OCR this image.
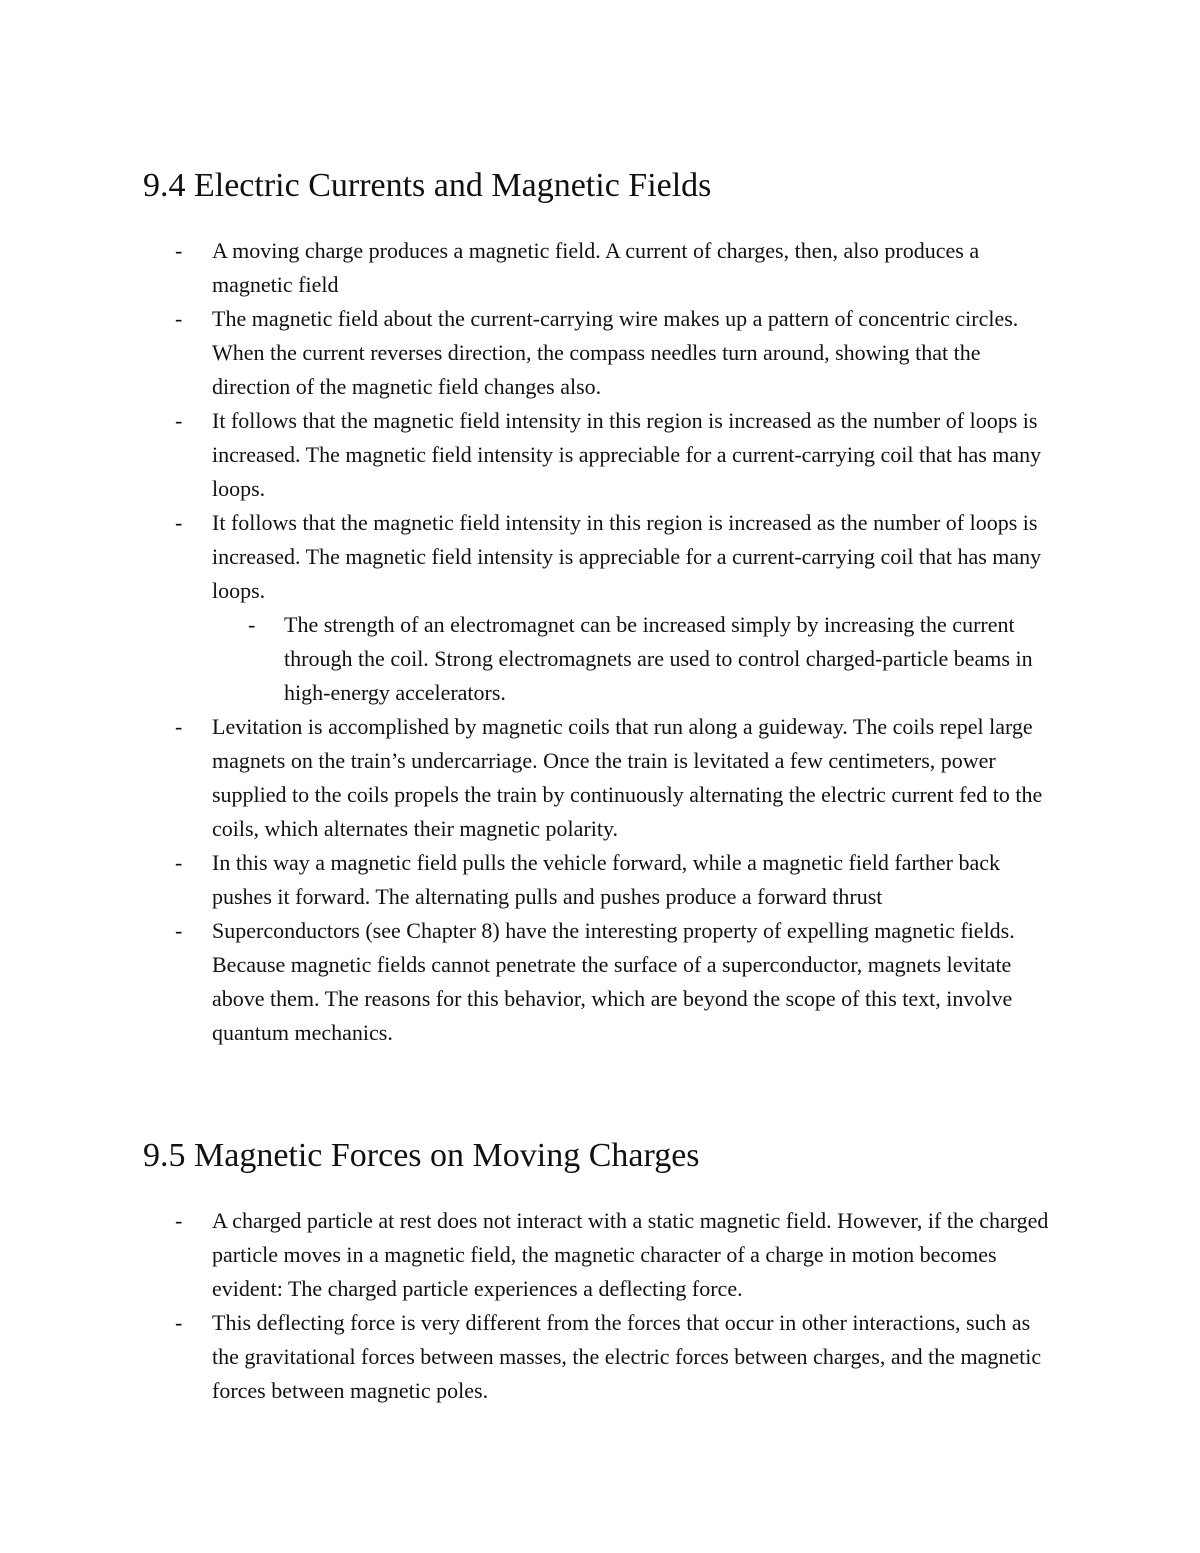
9.4 Electric Currents and Magnetic Fields
- A moving charge produces a magnetic field. A current of charges, then, also produces a magnetic field
- The magnetic field about the current-carrying wire makes up a pattern of concentric circles. When the current reverses direction, the compass needles turn around, showing that the direction of the magnetic field changes also.
- It follows that the magnetic field intensity in this region is increased as the number of loops is increased. The magnetic field intensity is appreciable for a current-carrying coil that has many loops.
- It follows that the magnetic field intensity in this region is increased as the number of loops is increased. The magnetic field intensity is appreciable for a current-carrying coil that has many loops.
- The strength of an electromagnet can be increased simply by increasing the current through the coil. Strong electromagnets are used to control charged-particle beams in high-energy accelerators.
- Levitation is accomplished by magnetic coils that run along a guideway. The coils repel large magnets on the train’s undercarriage. Once the train is levitated a few centimeters, power supplied to the coils propels the train by continuously alternating the electric current fed to the coils, which alternates their magnetic polarity.
- In this way a magnetic field pulls the vehicle forward, while a magnetic field farther back pushes it forward. The alternating pulls and pushes produce a forward thrust
- Superconductors (see Chapter 8) have the interesting property of expelling magnetic fields. Because magnetic fields cannot penetrate the surface of a superconductor, magnets levitate above them. The reasons for this behavior, which are beyond the scope of this text, involve quantum mechanics.
9.5 Magnetic Forces on Moving Charges
- A charged particle at rest does not interact with a static magnetic field. However, if the charged particle moves in a magnetic field, the magnetic character of a charge in motion becomes evident: The charged particle experiences a deflecting force.
- This deflecting force is very different from the forces that occur in other interactions, such as the gravitational forces between masses, the electric forces between charges, and the magnetic forces between magnetic poles.
